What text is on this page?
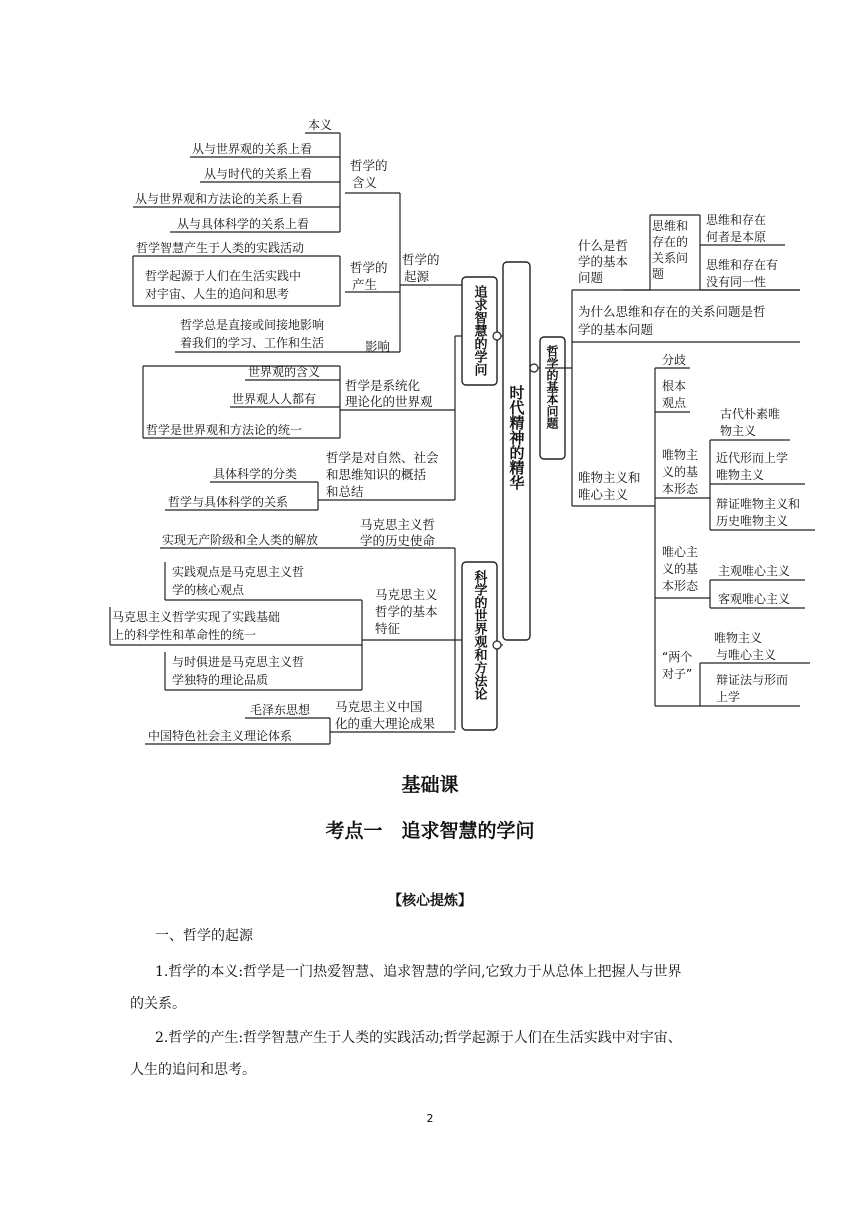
时代精神的精华
追求智慧的学问
科学的世界观和方法论
哲学的基本问题
本义
从与世界观的关系上看
从与时代的关系上看
从与世界观和方法论的关系上看
从与具体科学的关系上看
哲学的
含义
哲学的
起源
哲学智慧产生于人类的实践活动
哲学起源于人们在生活实践中
对宇宙、人生的追问和思考
哲学的
产生
哲学总是直接或间接地影响
着我们的学习、工作和生活	影响
世界观的含义
世界观人人都有
哲学是世界观和方法论的统一
哲学是系统化
理论化的世界观
具体科学的分类
哲学与具体科学的关系
哲学是对自然、社会
和思维知识的概括
和总结
马克思主义哲
学的历史使命
实现无产阶级和全人类的解放
实践观点是马克思主义哲
学的核心观点
马克思主义哲学实现了实践基础
上的科学性和革命性的统一
与时俱进是马克思主义哲
学独特的理论品质
马克思主义
哲学的基本
特征
毛泽东思想
中国特色社会主义理论体系
马克思主义中国
化的重大理论成果
什么是哲
学的基本
问题
思维和
存在的
关系问
题
思维和存在
何者是本原
思维和存在有
没有同一性
为什么思维和存在的关系问题是哲
学的基本问题
唯物主义和
唯心主义
分歧
根本
观点
唯物主
义的基
本形态
古代朴素唯
物主义
近代形而上学
唯物主义
辩证唯物主义和
历史唯物主义
唯心主
义的基
本形态
主观唯心主义
客观唯心主义
“两个
对子”
唯物主义
与唯心主义
辩证法与形而
上学
基础课
考点一　追求智慧的学问
【核心提炼】
一、哲学的起源
1.哲学的本义:哲学是一门热爱智慧、追求智慧的学问,它致力于从总体上把握人与世界
的关系。
2.哲学的产生:哲学智慧产生于人类的实践活动;哲学起源于人们在生活实践中对宇宙、
人生的追问和思考。
2
